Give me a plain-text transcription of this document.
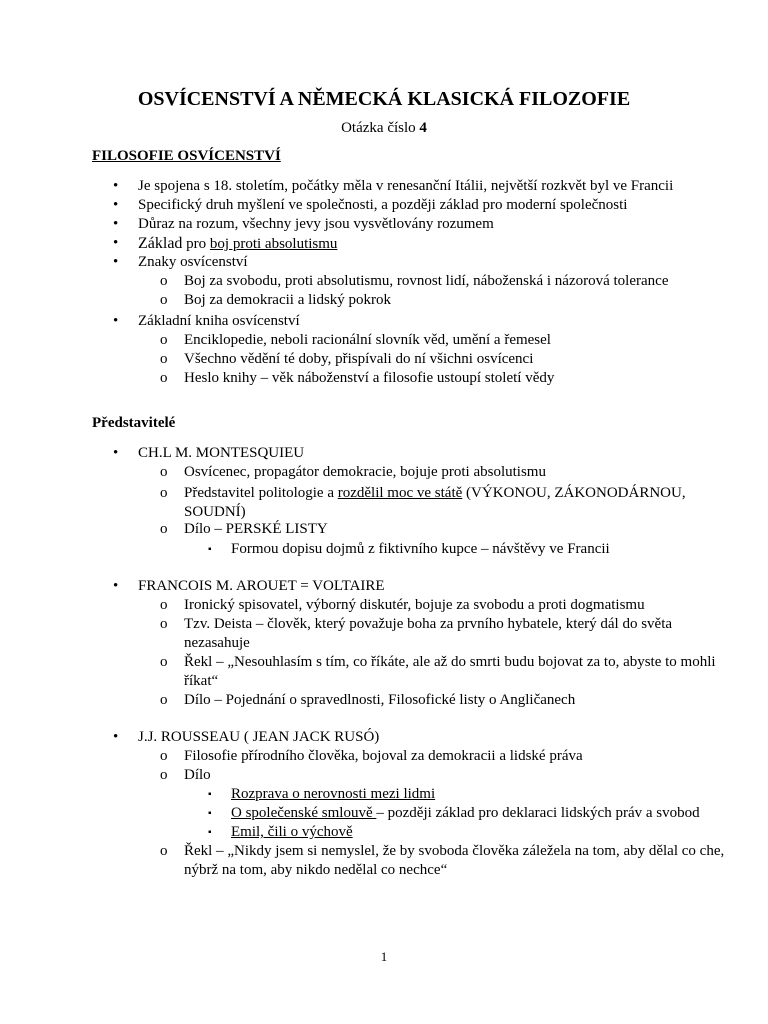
OSVÍCENSTVÍ A NĚMECKÁ KLASICKÁ FILOZOFIE
Otázka číslo 4
FILOSOFIE OSVÍCENSTVÍ
• Je spojena s 18. stoletím, počátky měla v renesanční Itálii, největší rozkvět byl ve Francii
• Specifický druh myšlení ve společnosti, a později základ pro moderní společnosti
• Důraz na rozum, všechny jevy jsou vysvětlovány rozumem
• Základ pro boj proti absolutismu
• Znaky osvícenství
o Boj za svobodu, proti absolutismu, rovnost lidí, náboženská i názorová tolerance
o Boj za demokracii a lidský pokrok
• Základní kniha osvícenství
o Enciklopedie, neboli racionální slovník věd, umění a řemesel
o Všechno vědění té doby, přispívali do ní všichni osvícenci
o Heslo knihy – věk náboženství a filosofie ustoupí století vědy
Představitelé
• CH.L M. MONTESQUIEU
o Osvícenec, propagátor demokracie, bojuje proti absolutismu
o Představitel politologie a rozdělil moc ve státě (VÝKONOU, ZÁKONODÁRNOU,
SOUDNÍ)
o Dílo – PERSKÉ LISTY
▪ Formou dopisu dojmů z fiktivního kupce – návštěvy ve Francii
• FRANCOIS M. AROUET = VOLTAIRE
o Ironický spisovatel, výborný diskutér, bojuje za svobodu a proti dogmatismu
o Tzv. Deista – člověk, který považuje boha za prvního hybatele, který dál do světa
nezasahuje
o Řekl – „Nesouhlasím s tím, co říkáte, ale až do smrti budu bojovat za to, abyste to mohli
říkat“
o Dílo – Pojednání o spravedlnosti, Filosofické listy o Angličanech
• J.J. ROUSSEAU ( JEAN JACK RUSÓ)
o Filosofie přírodního člověka, bojoval za demokracii a lidské práva
o Dílo
▪ Rozprava o nerovnosti mezi lidmi
▪ O společenské smlouvě – později základ pro deklaraci lidských práv a svobod
▪ Emil, čili o výchově
o Řekl – „Nikdy jsem si nemyslel, že by svoboda člověka záležela na tom, aby dělal co che,
nýbrž na tom, aby nikdo nedělal co nechce“
1
